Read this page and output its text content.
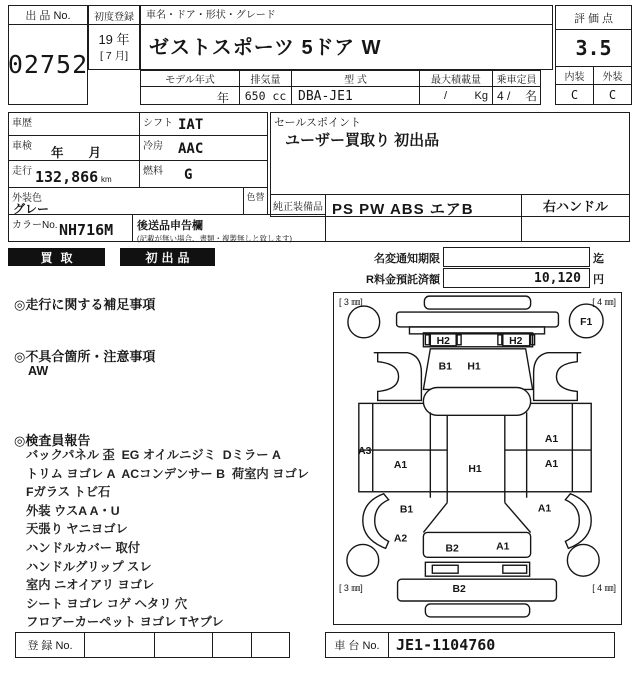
出 品 No.
02752
初度登録
19 年
[ 7 月]
車名・ドア・形状・グレード
ゼストスポーツ 5ドア W
モデル年式
年
排気量
650 cc
型 式
DBA-JE1
最大積載量
/ Kg
乗車定員
4 / 名
評 価 点
3.5
内装	外装
C	C
車歴	シフト IAT
車検 年　　月	冷房 AAC
走行 132,866 km
燃料 G
外装色
グレー
色替
カラーNo. NH716M 後送品申告欄
(記載が無い場合、書類・複製無しと致します)
セールスポイント
ユーザー買取り 初出品
純正装備品 PS PW ABS エアB	右ハンドル
買取	初出品	名変通知期限	迄
R料金預託済額	10,120	円
◎走行に関する補足事項
◎不具合箇所・注意事項
AW
◎検査員報告
バックパネル 歪  EG オイルニジミ  Dミラー A
トリム ヨゴレ A  ACコンデンサー B  荷室内 ヨゴレ
Fガラス トビ石
外装 ウスA A・U
天張り ヤニヨゴレ
ハンドルカバー 取付
ハンドルグリップ スレ
室内 ニオイアリ ヨゴレ
シート ヨゴレ コゲ ヘタリ 穴
フロアーカーペット ヨゴレ Tヤブレ
[ 3 ㎜]	[ 4 ㎜]
[ 3 ㎜]	[ 4 ㎜]
F1
H2	H2
B1 H1
A3
A1	H1
A1
A1
B1
A2
A1
B2	A1
B2
登 録 No.	車 台 No.	JE1-1104760
